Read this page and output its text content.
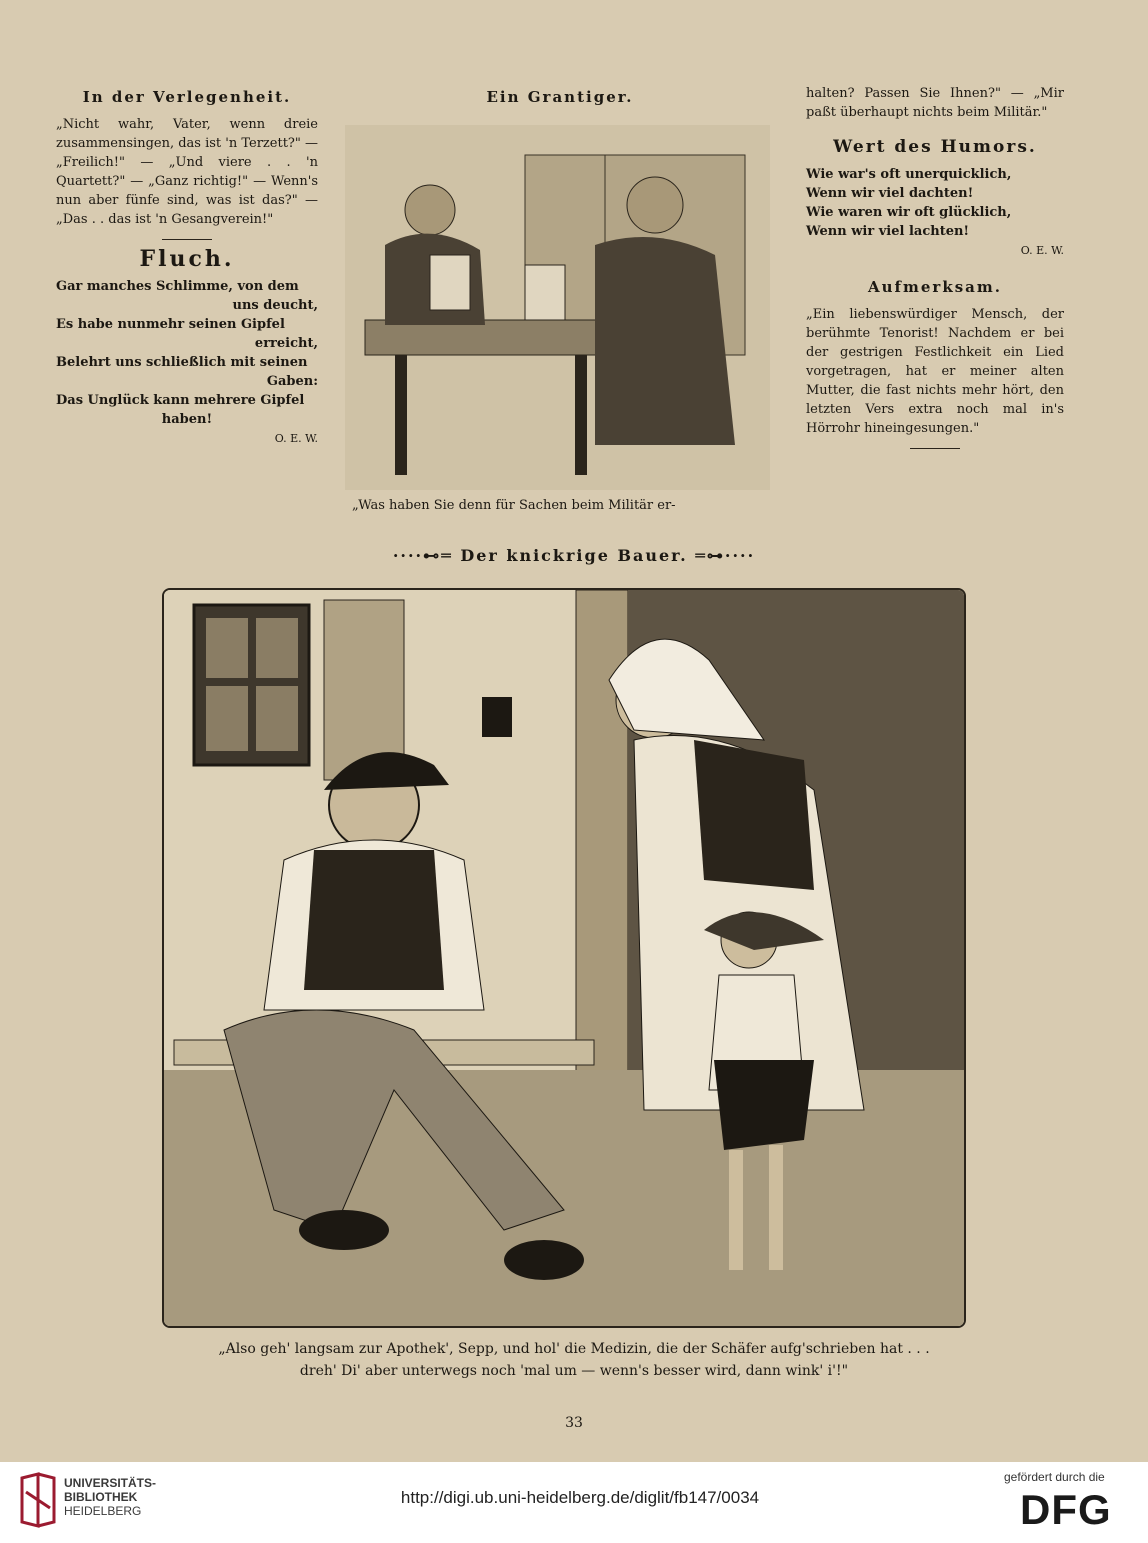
In der Verlegenheit.
„Nicht wahr, Vater, wenn dreie zusammensingen, das ist 'n Terzett?" — „Freilich!" — „Und viere . . 'n Quartett?" — „Ganz richtig!" — Wenn's nun aber fünfe sind, was ist das?" — „Das . . das ist 'n Gesangverein!"
Fluch.
Gar manches Schlimme, von dem
uns deucht,
Es habe nunmehr seinen Gipfel
erreicht,
Belehrt uns schließlich mit seinen
Gaben:
Das Unglück kann mehrere Gipfel
haben!
O. E. W.
Ein Grantiger.
„Was haben Sie denn für Sachen beim Militär er-
halten? Passen Sie Ihnen?" — „Mir paßt überhaupt nichts beim Militär."
Wert des Humors.
Wie war's oft unerquicklich,
Wenn wir viel dachten!
Wie waren wir oft glücklich,
Wenn wir viel lachten!
O. E. W.
Aufmerksam.
„Ein liebenswürdiger Mensch, der berühmte Tenorist! Nachdem er bei der gestrigen Festlichkeit ein Lied vorgetragen, hat er meiner alten Mutter, die fast nichts mehr hört, den letzten Vers extra noch mal in's Hörrohr hineingesungen."
····⊷═ Der knickrige Bauer. ═⊶····
„Also geh' langsam zur Apothek', Sepp, und hol' die Medizin, die der Schäfer aufg'schrieben hat . . .
dreh' Di' aber unterwegs noch 'mal um — wenn's besser wird, dann wink' i'!"
33
UNIVERSITÄTS-
BIBLIOTHEK
HEIDELBERG
http://digi.ub.uni-heidelberg.de/diglit/fb147/0034
gefördert durch die
DFG
